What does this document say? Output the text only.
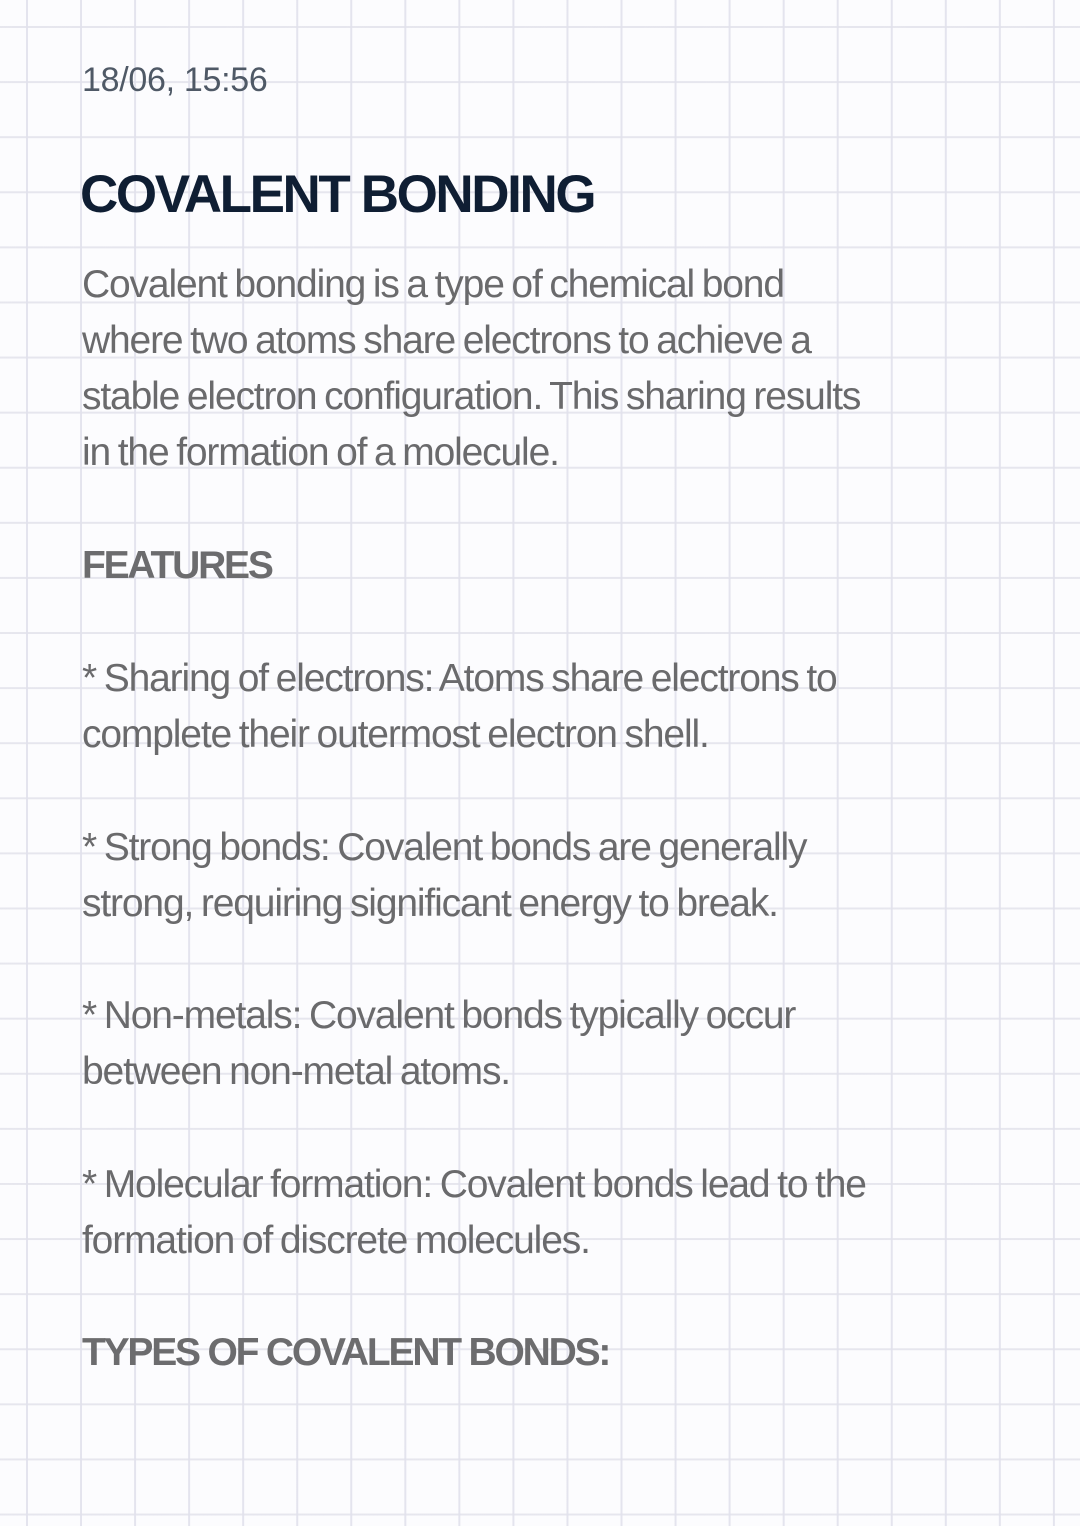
18/06, 15:56
COVALENT BONDING
Covalent bonding is a type of chemical bond
where two atoms share electrons to achieve a
stable electron configuration. This sharing results
in the formation of a molecule.
FEATURES
* Sharing of electrons: Atoms share electrons to
complete their outermost electron shell.
* Strong bonds: Covalent bonds are generally
strong, requiring significant energy to break.
* Non-metals: Covalent bonds typically occur
between non-metal atoms.
* Molecular formation: Covalent bonds lead to the
formation of discrete molecules.
TYPES OF COVALENT BONDS:
